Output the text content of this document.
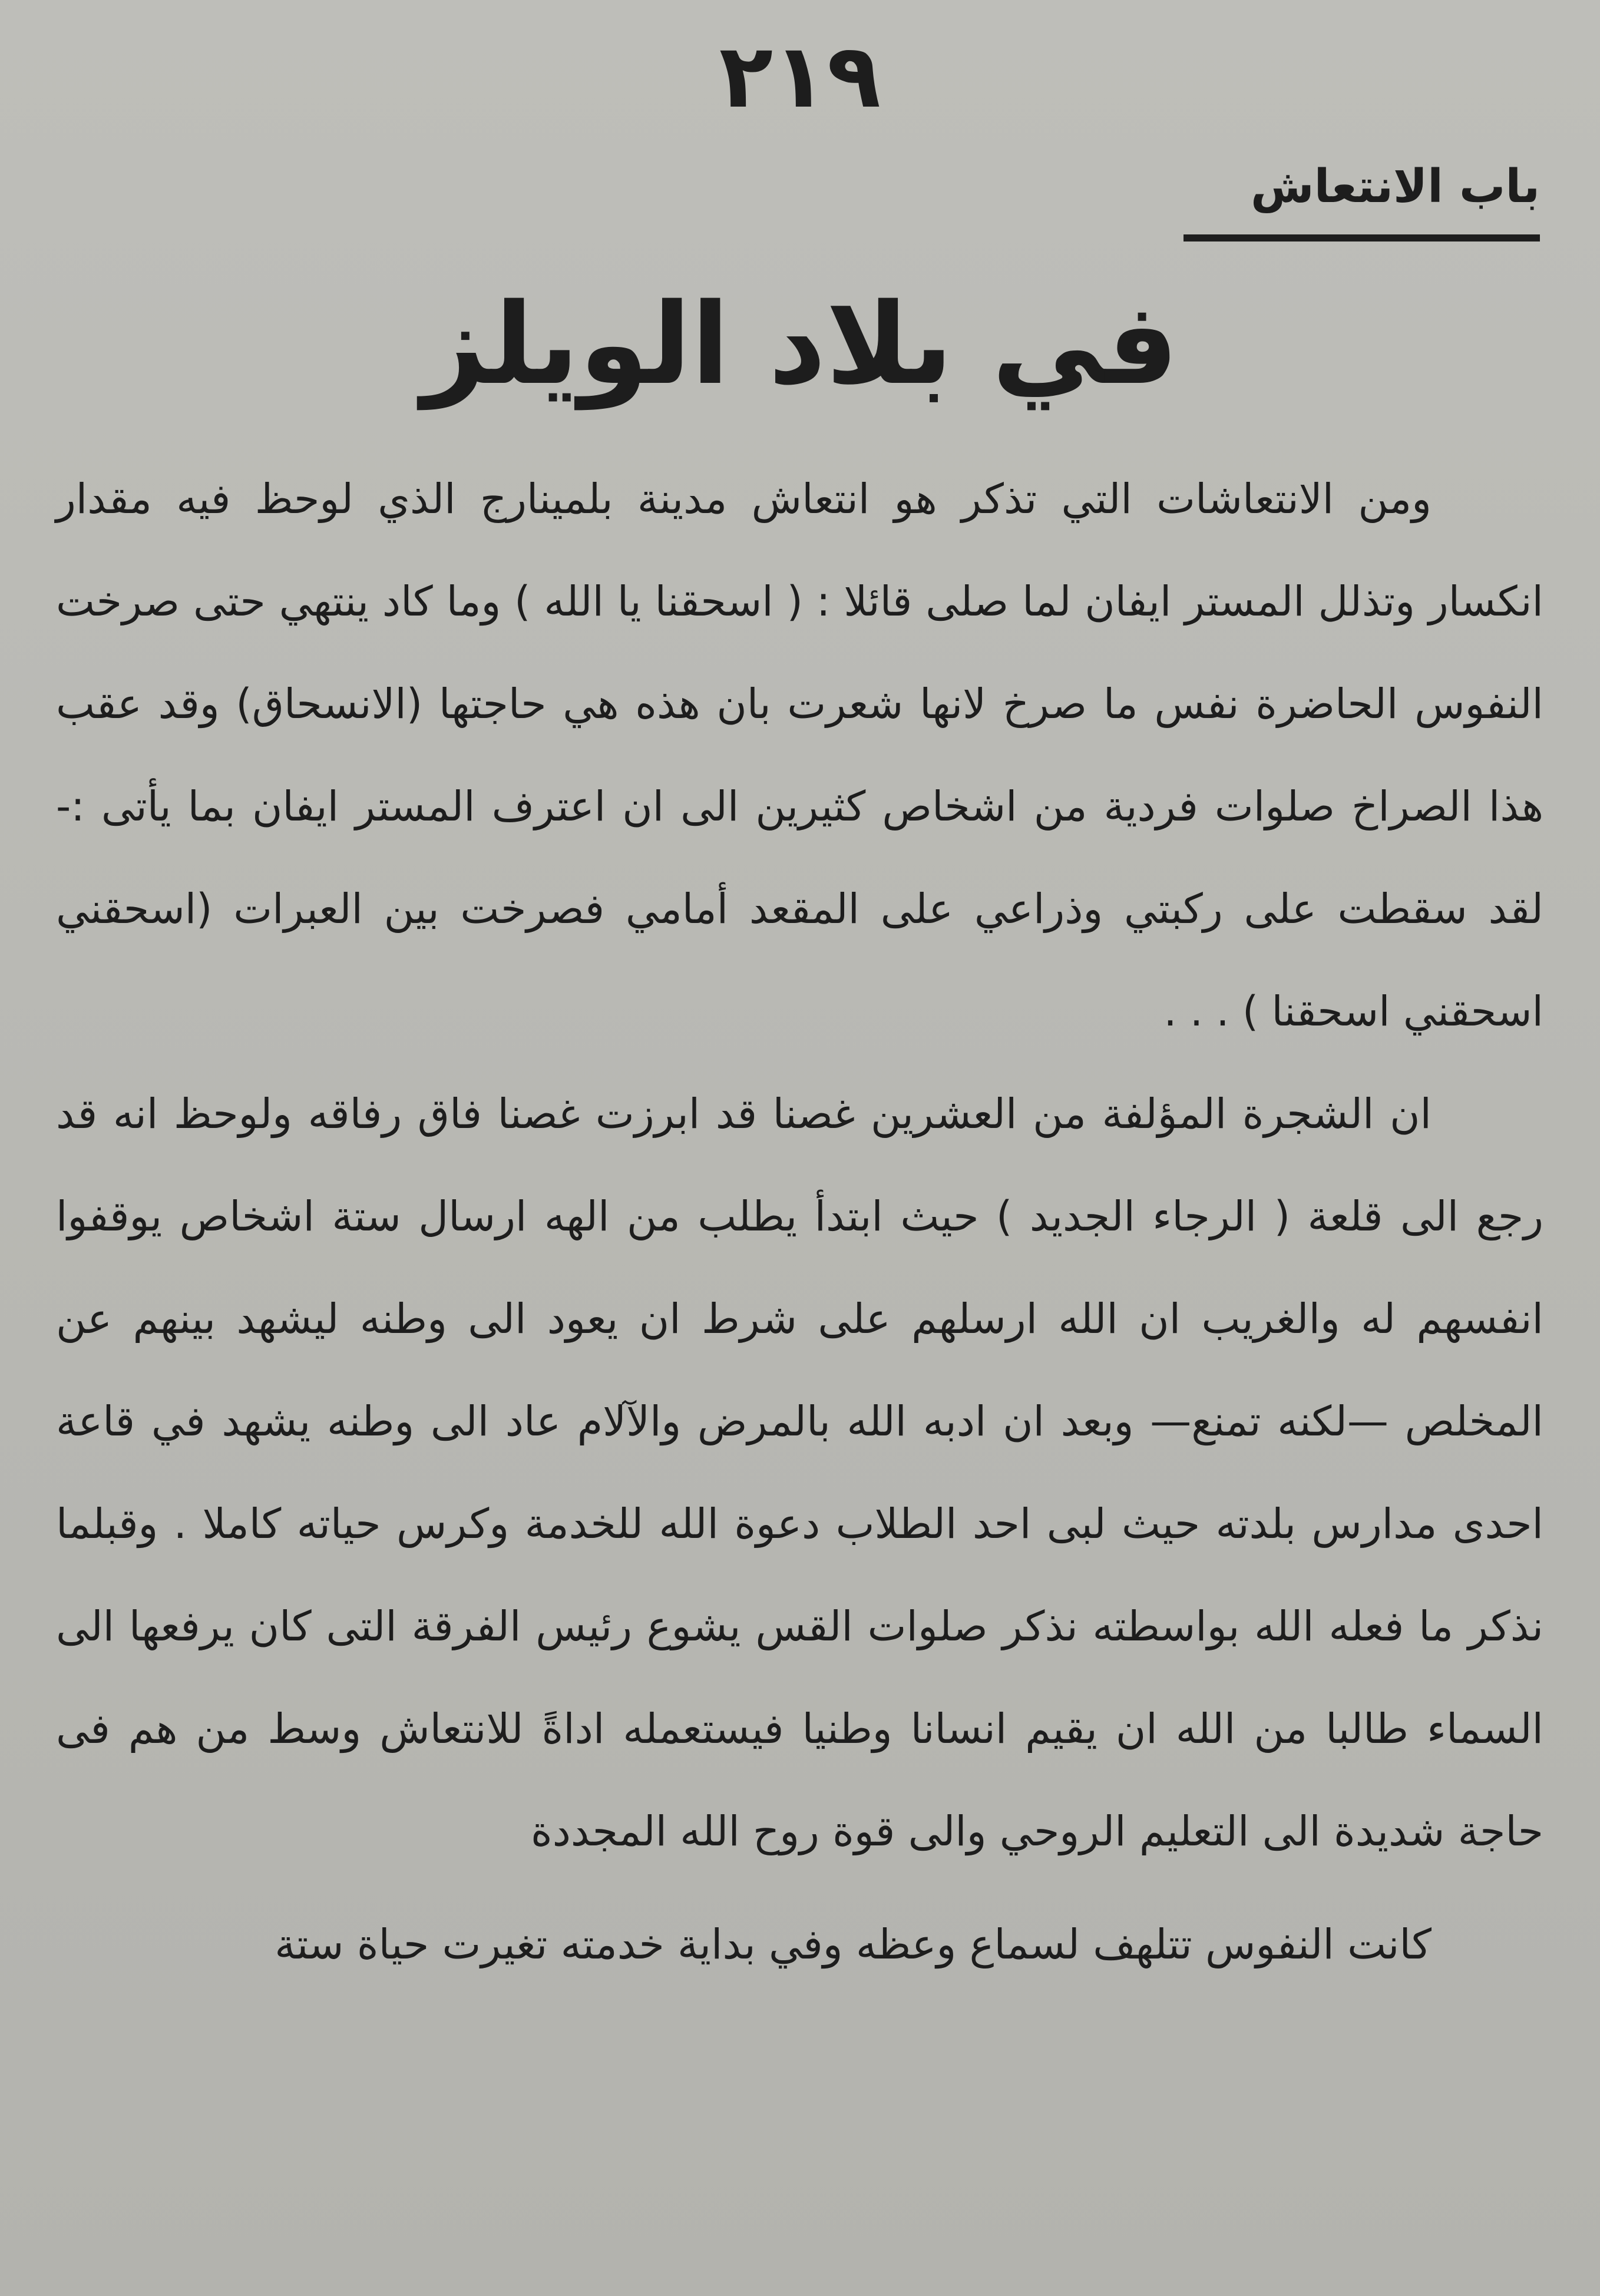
٢١٩
باب الانتعاش
في بلاد الويلز

ومن الانتعاشات التي تذكر هو انتعاش مدينة بلمينارج الذي لوحظ فيه مقدار انكسار وتذلل المستر ايفان لما صلى قائلا : ( اسحقنا يا الله ) وما كاد ينتهي حتى صرخت النفوس الحاضرة نفس ما صرخ لانها شعرت بان هذه هي حاجتها (الانسحاق) وقد عقب هذا الصراخ صلوات فردية من اشخاص كثيرين الى ان اعترف المستر ايفان بما يأتى :- لقد سقطت على ركبتي وذراعي على المقعد أمامي فصرخت بين العبرات (اسحقني اسحقني اسحقنا ) . . .

ان الشجرة المؤلفة من العشرين غصنا قد ابرزت غصنا فاق رفاقه ولوحظ انه قد رجع الى قلعة ( الرجاء الجديد ) حيث ابتدأ يطلب من الهه ارسال ستة اشخاص يوقفوا انفسهم له والغريب ان الله ارسلهم على شرط ان يعود الى وطنه ليشهد بينهم عن المخلص —لكنه تمنع— وبعد ان ادبه الله بالمرض والآلام عاد الى وطنه يشهد في قاعة احدى مدارس بلدته حيث لبى احد الطلاب دعوة الله للخدمة وكرس حياته كاملا . وقبلما نذكر ما فعله الله بواسطته نذكر صلوات القس يشوع رئيس الفرقة التى كان يرفعها الى السماء طالبا من الله ان يقيم انسانا وطنيا فيستعمله اداةً للانتعاش وسط من هم فى حاجة شديدة الى التعليم الروحي والى قوة روح الله المجددة

كانت النفوس تتلهف لسماع وعظه وفي بداية خدمته تغيرت حياة ستة
